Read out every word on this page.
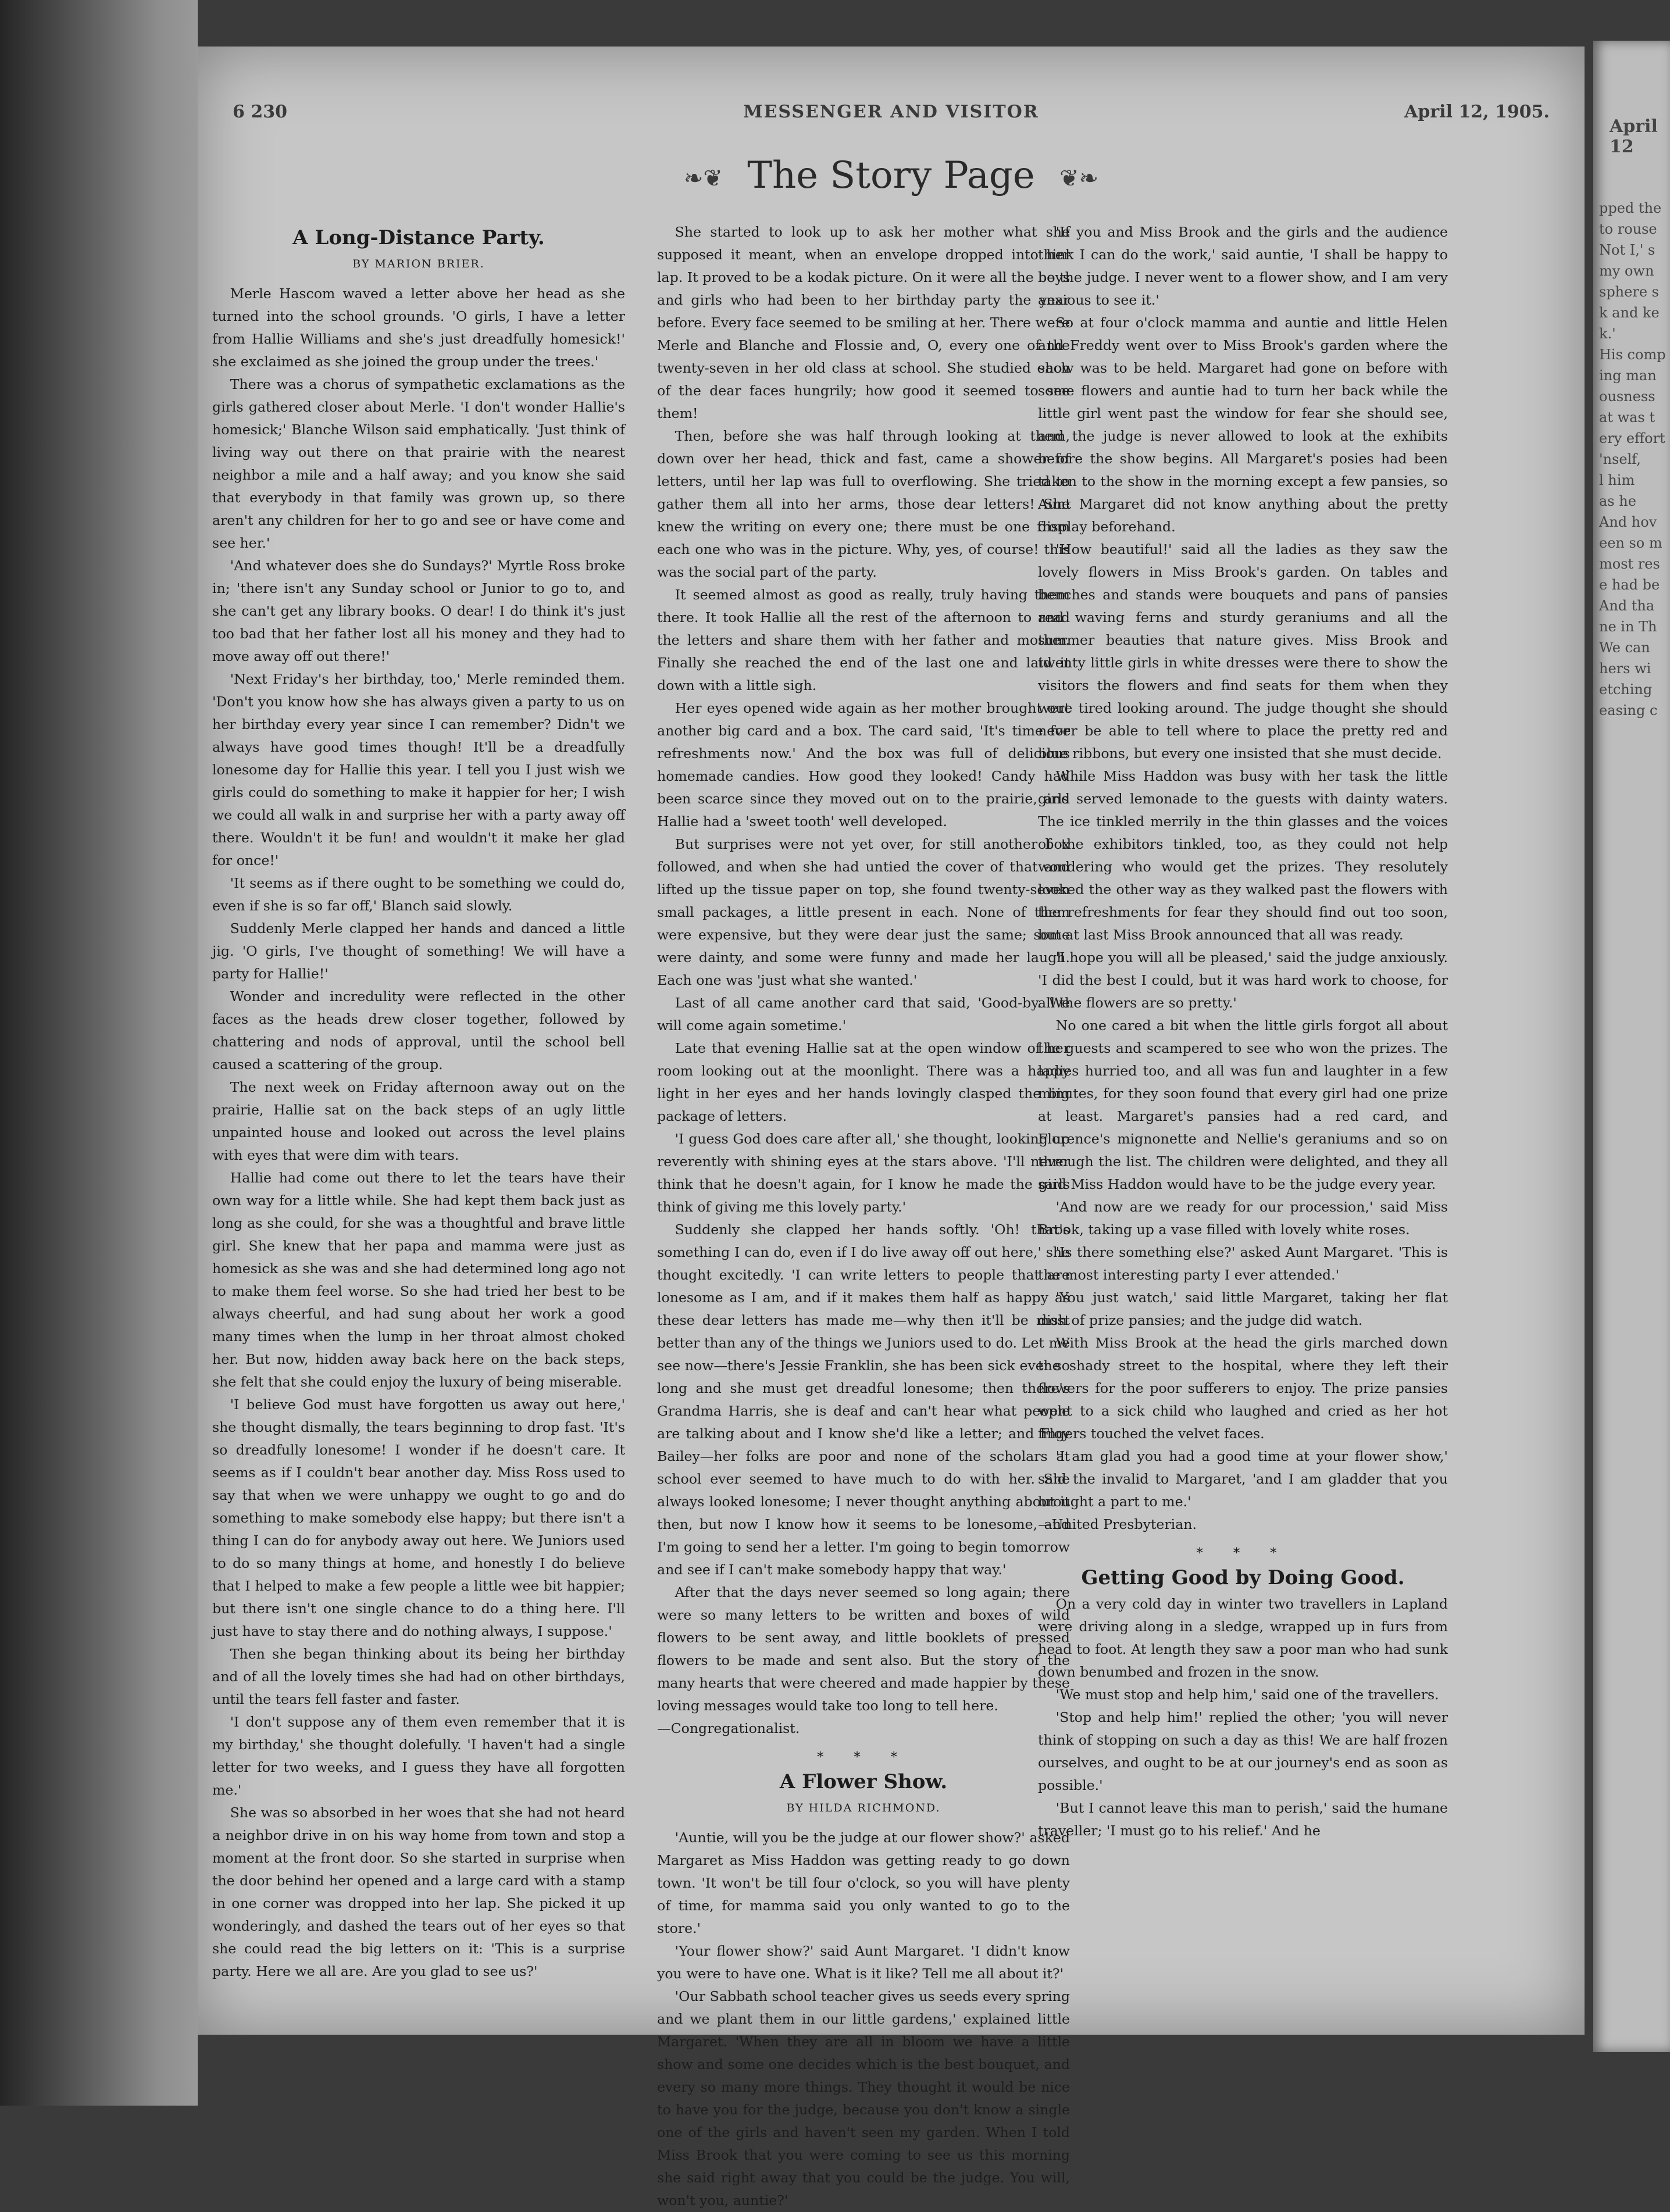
6 230	MESSENGER AND VISITOR	April 12, 1905.
❧❦ The Story Page ❦❧
A Long-Distance Party.
BY MARION BRIER.

Merle Hascom waved a letter above her head as she turned into the school grounds. 'O girls, I have a letter from Hallie Williams and she's just dreadfully homesick!' she exclaimed as she joined the group under the trees.'

There was a chorus of sympathetic exclamations as the girls gathered closer about Merle. 'I don't wonder Hallie's homesick;' Blanche Wilson said emphatically. 'Just think of living way out there on that prairie with the nearest neighbor a mile and a half away; and you know she said that everybody in that family was grown up, so there aren't any children for her to go and see or have come and see her.'

'And whatever does she do Sundays?' Myrtle Ross broke in; 'there isn't any Sunday school or Junior to go to, and she can't get any library books. O dear! I do think it's just too bad that her father lost all his money and they had to move away off out there!'

'Next Friday's her birthday, too,' Merle reminded them. 'Don't you know how she has always given a party to us on her birthday every year since I can remember? Didn't we always have good times though! It'll be a dreadfully lonesome day for Hallie this year. I tell you I just wish we girls could do something to make it happier for her; I wish we could all walk in and surprise her with a party away off there. Wouldn't it be fun! and wouldn't it make her glad for once!'

'It seems as if there ought to be something we could do, even if she is so far off,' Blanch said slowly.

Suddenly Merle clapped her hands and danced a little jig. 'O girls, I've thought of something! We will have a party for Hallie!'

Wonder and incredulity were reflected in the other faces as the heads drew closer together, followed by chattering and nods of approval, until the school bell caused a scattering of the group.

The next week on Friday afternoon away out on the prairie, Hallie sat on the back steps of an ugly little unpainted house and looked out across the level plains with eyes that were dim with tears.

Hallie had come out there to let the tears have their own way for a little while. She had kept them back just as long as she could, for she was a thoughtful and brave little girl. She knew that her papa and mamma were just as homesick as she was and she had determined long ago not to make them feel worse. So she had tried her best to be always cheerful, and had sung about her work a good many times when the lump in her throat almost choked her. But now, hidden away back here on the back steps, she felt that she could enjoy the luxury of being miserable.

'I believe God must have forgotten us away out here,' she thought dismally, the tears beginning to drop fast. 'It's so dreadfully lonesome! I wonder if he doesn't care. It seems as if I couldn't bear another day. Miss Ross used to say that when we were unhappy we ought to go and do something to make somebody else happy; but there isn't a thing I can do for anybody away out here. We Juniors used to do so many things at home, and honestly I do believe that I helped to make a few people a little wee bit happier; but there isn't one single chance to do a thing here. I'll just have to stay there and do nothing always, I suppose.'

Then she began thinking about its being her birthday and of all the lovely times she had had on other birthdays, until the tears fell faster and faster.

'I don't suppose any of them even remember that it is my birthday,' she thought dolefully. 'I haven't had a single letter for two weeks, and I guess they have all forgotten me.'

She was so absorbed in her woes that she had not heard a neighbor drive in on his way home from town and stop a moment at the front door. So she started in surprise when the door behind her opened and a large card with a stamp in one corner was dropped into her lap. She picked it up wonderingly, and dashed the tears out of her eyes so that she could read the big letters on it: 'This is a surprise party. Here we all are. Are you glad to see us?'

She started to look up to ask her mother what she supposed it meant, when an envelope dropped into her lap. It proved to be a kodak picture. On it were all the boys and girls who had been to her birthday party the year before. Every face seemed to be smiling at her. There were Merle and Blanche and Flossie and, O, every one of the twenty-seven in her old class at school. She studied each of the dear faces hungrily; how good it seemed to see them!

Then, before she was half through looking at them, down over her head, thick and fast, came a shower of letters, until her lap was full to overflowing. She tried to gather them all into her arms, those dear letters! She knew the writing on every one; there must be one from each one who was in the picture. Why, yes, of course! this was the social part of the party.

It seemed almost as good as really, truly having them there. It took Hallie all the rest of the afternoon to read the letters and share them with her father and mother. Finally she reached the end of the last one and laid it down with a little sigh.

Her eyes opened wide again as her mother brought out another big card and a box. The card said, 'It's time for refreshments now.' And the box was full of delicious homemade candies. How good they looked! Candy had been scarce since they moved out on to the prairie, and Hallie had a 'sweet tooth' well developed.

But surprises were not yet over, for still another box followed, and when she had untied the cover of that and lifted up the tissue paper on top, she found twenty-seven small packages, a little present in each. None of them were expensive, but they were dear just the same; some were dainty, and some were funny and made her laugh. Each one was 'just what she wanted.'

Last of all came another card that said, 'Good-by. We will come again sometime.'

Late that evening Hallie sat at the open window of her room looking out at the moonlight. There was a happy light in her eyes and her hands lovingly clasped the big package of letters.

'I guess God does care after all,' she thought, looking up reverently with shining eyes at the stars above. 'I'll never think that he doesn't again, for I know he made the girls think of giving me this lovely party.'

Suddenly she clapped her hands softly. 'Oh! that's something I can do, even if I do live away off out here,' she thought excitedly. 'I can write letters to people that are lonesome as I am, and if it makes them half as happy as these dear letters has made me—why then it'll be most better than any of the things we Juniors used to do. Let me see now—there's Jessie Franklin, she has been sick ever so long and she must get dreadful lonesome; then there's Grandma Harris, she is deaf and can't hear what people are talking about and I know she'd like a letter; and Floy Bailey—her folks are poor and none of the scholars at school ever seemed to have much to do with her. She always looked lonesome; I never thought anything about it then, but now I know how it seems to be lonesome, and I'm going to send her a letter. I'm going to begin tomorrow and see if I can't make somebody happy that way.'

After that the days never seemed so long again; there were so many letters to be written and boxes of wild flowers to be sent away, and little booklets of pressed flowers to be made and sent also. But the story of the many hearts that were cheered and made happier by these loving messages would take too long to tell here.

—Congregationalist.

* * *
A Flower Show.
BY HILDA RICHMOND.

'Auntie, will you be the judge at our flower show?' asked Margaret as Miss Haddon was getting ready to go down town. 'It won't be till four o'clock, so you will have plenty of time, for mamma said you only wanted to go to the store.'

'Your flower show?' said Aunt Margaret. 'I didn't know you were to have one. What is it like? Tell me all about it?'

'Our Sabbath school teacher gives us seeds every spring and we plant them in our little gardens,' explained little Margaret. 'When they are all in bloom we have a little show and some one decides which is the best bouquet, and every so many more things. They thought it would be nice to have you for the judge, because you don't know a single one of the girls and haven't seen my garden. When I told Miss Brook that you were coming to see us this morning she said right away that you could be the judge. You will, won't you, auntie?'

'If you and Miss Brook and the girls and the audience think I can do the work,' said auntie, 'I shall be happy to be the judge. I never went to a flower show, and I am very anxious to see it.'

So at four o'clock mamma and auntie and little Helen and Freddy went over to Miss Brook's garden where the show was to be held. Margaret had gone on before with some flowers and auntie had to turn her back while the little girl went past the window for fear she should see, and the judge is never allowed to look at the exhibits before the show begins. All Margaret's posies had been taken to the show in the morning except a few pansies, so Aunt Margaret did not know anything about the pretty display beforehand.

'How beautiful!' said all the ladies as they saw the lovely flowers in Miss Brook's garden. On tables and benches and stands were bouquets and pans of pansies and waving ferns and sturdy geraniums and all the summer beauties that nature gives. Miss Brook and twenty little girls in white dresses were there to show the visitors the flowers and find seats for them when they were tired looking around. The judge thought she should never be able to tell where to place the pretty red and blue ribbons, but every one insisted that she must decide.

While Miss Haddon was busy with her task the little girls served lemonade to the guests with dainty waters. The ice tinkled merrily in the thin glasses and the voices of the exhibitors tinkled, too, as they could not help wondering who would get the prizes. They resolutely looked the other way as they walked past the flowers with the refreshments for fear they should find out too soon, but at last Miss Brook announced that all was ready.

'I hope you will all be pleased,' said the judge anxiously. 'I did the best I could, but it was hard work to choose, for all the flowers are so pretty.'

No one cared a bit when the little girls forgot all about the guests and scampered to see who won the prizes. The ladies hurried too, and all was fun and laughter in a few minutes, for they soon found that every girl had one prize at least. Margaret's pansies had a red card, and Florence's mignonette and Nellie's geraniums and so on through the list. The children were delighted, and they all said Miss Haddon would have to be the judge every year.

'And now are we ready for our procession,' said Miss Brook, taking up a vase filled with lovely white roses.

'Is there something else?' asked Aunt Margaret. 'This is the most interesting party I ever attended.'

'You just watch,' said little Margaret, taking her flat dish of prize pansies; and the judge did watch.

With Miss Brook at the head the girls marched down the shady street to the hospital, where they left their flowers for the poor sufferers to enjoy. The prize pansies went to a sick child who laughed and cried as her hot fingers touched the velvet faces.

'I am glad you had a good time at your flower show,' said the invalid to Margaret, 'and I am gladder that you brought a part to me.'

—United Presbyterian.

* * *
Getting Good by Doing Good.

On a very cold day in winter two travellers in Lapland were driving along in a sledge, wrapped up in furs from head to foot. At length they saw a poor man who had sunk down benumbed and frozen in the snow.

'We must stop and help him,' said one of the travellers.

'Stop and help him!' replied the other; 'you will never think of stopping on such a day as this! We are half frozen ourselves, and ought to be at our journey's end as soon as possible.'

'But I cannot leave this man to perish,' said the humane traveller; 'I must go to his relief.' And he

April 12
pped the
to rouse
Not I,' s
my own
sphere s
k and ke
k.'
His comp
ing man
ousness
at was t
ery effort
'nself,
l him
as he
And hov
een so m
most res
e had be
And tha
ne in Th
We can
hers wi
etching
easing c
